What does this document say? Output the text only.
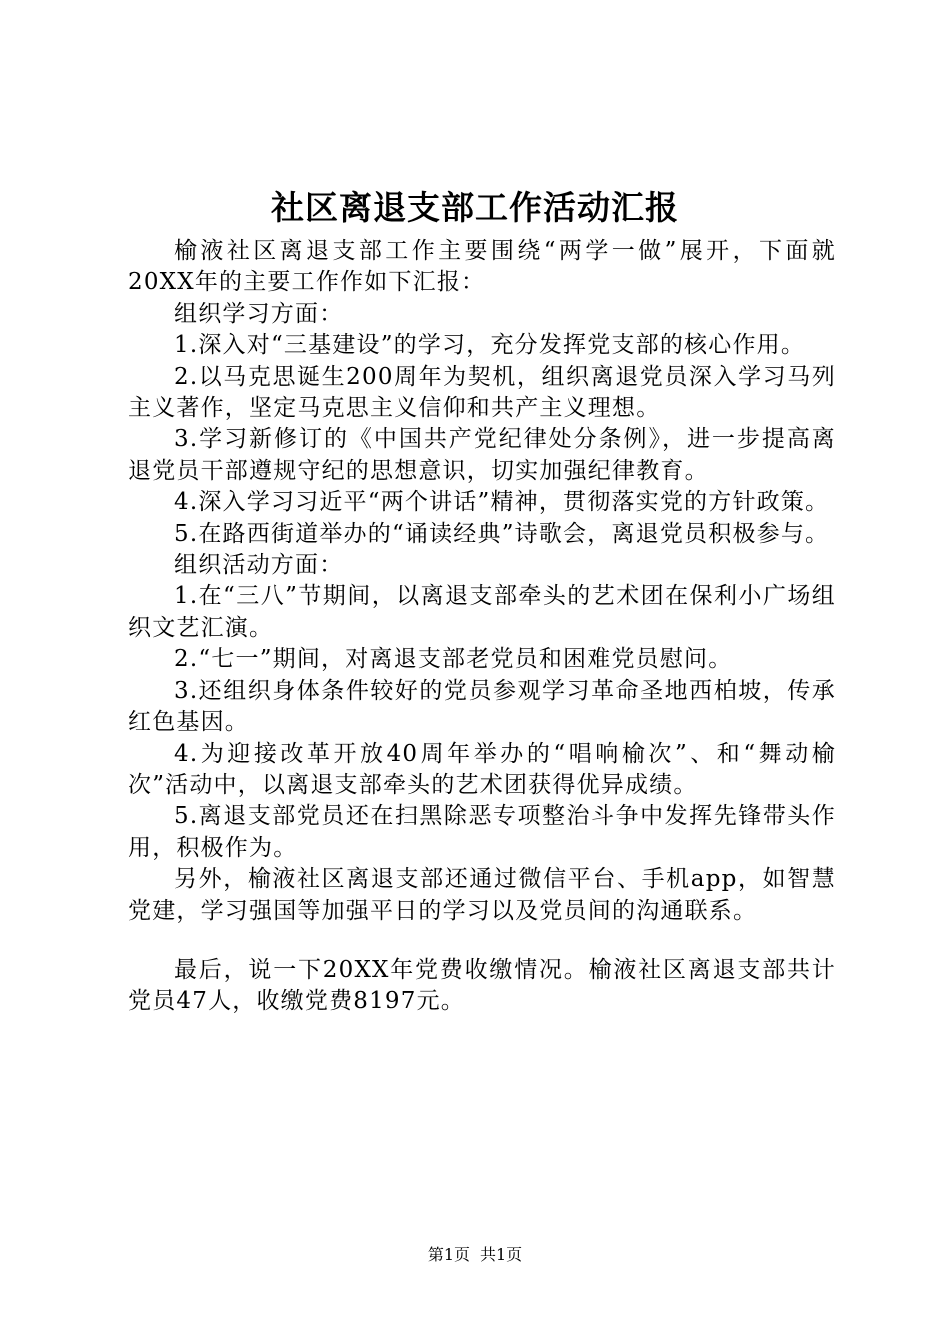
社区离退支部工作活动汇报

榆液社区离退支部工作主要围绕“两学一做”展开，下面就20XX年的主要工作作如下汇报：

组织学习方面：

1.深入对“三基建设”的学习，充分发挥党支部的核心作用。

2.以马克思诞生200周年为契机，组织离退党员深入学习马列主义著作，坚定马克思主义信仰和共产主义理想。

3.学习新修订的《中国共产党纪律处分条例》，进一步提高离退党员干部遵规守纪的思想意识，切实加强纪律教育。

4.深入学习习近平“两个讲话”精神，贯彻落实党的方针政策。

5.在路西街道举办的“诵读经典”诗歌会，离退党员积极参与。

组织活动方面：

1.在“三八”节期间，以离退支部牵头的艺术团在保利小广场组织文艺汇演。

2.“七一”期间，对离退支部老党员和困难党员慰问。

3.还组织身体条件较好的党员参观学习革命圣地西柏坡，传承红色基因。

4.为迎接改革开放40周年举办的“唱响榆次”、和“舞动榆次”活动中，以离退支部牵头的艺术团获得优异成绩。

5.离退支部党员还在扫黑除恶专项整治斗争中发挥先锋带头作用，积极作为。

另外，榆液社区离退支部还通过微信平台、手机app，如智慧党建，学习强国等加强平日的学习以及党员间的沟通联系。

最后，说一下20XX年党费收缴情况。榆液社区离退支部共计党员47人，收缴党费8197元。

第1页 共1页
